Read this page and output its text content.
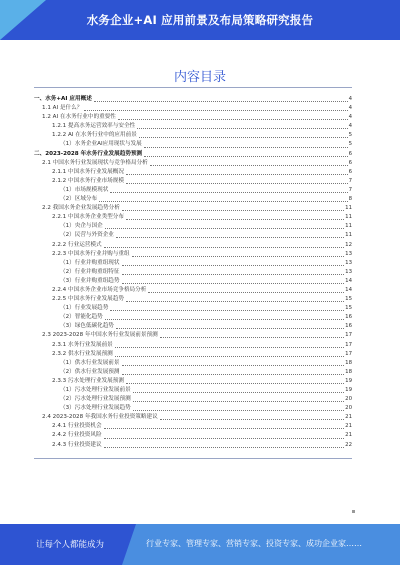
水务企业+AI 应用前景及布局策略研究报告
内容目录
一、水务+AI 应用概述	4
1.1 AI 是什么？	4
1.2 AI 在水务行业中的重要性	4
1.2.1 提高水务运营效率与安全性	4
1.2.2 AI 在水务行业中的应用前景	5
（1）水务企业AI应用现状与发展	5
二、2023-2028 年水务行业发展趋势预测	6
2.1 中国水务行业发展现状与竞争格局分析	6
2.1.1 中国水务行业发展概况	6
2.1.2 中国水务行业市场规模	7
（1）市场规模现状	7
（2）区域分布	8
2.2 我国水务企业发展趋势分析	11
2.2.1 中国水务企业类型分布	11
（1）央企与国企	11
（2）民营与外资企业	11
2.2.2 行业运营模式	12
2.2.3 中国水务行业并购与重组	13
（1）行业并购重组现状	13
（2）行业并购重组特征	13
（3）行业并购重组趋势	14
2.2.4 中国水务企业市场竞争格局分析	14
2.2.5 中国水务行业发展趋势	15
（1）行业发展趋势	15
（2）智能化趋势	16
（3）绿色低碳化趋势	16
2.3 2023-2028 年中国水务行业发展前景预测	17
2.3.1 水务行业发展前景	17
2.3.2 供水行业发展预测	17
（1）供水行业发展前景	18
（2）供水行业发展预测	18
2.3.3 污水处理行业发展预测	19
（1）污水处理行业发展前景	19
（2）污水处理行业发展预测	20
（3）污水处理行业发展趋势	20
2.4 2023-2028 年我国水务行业投资策略建议	21
2.4.1 行业投资机会	21
2.4.2 行业投资风险	21
2.4.3 行业投资建议	22
让每个人都能成为	行业专家、管理专家、营销专家、投资专家、成功企业家……
